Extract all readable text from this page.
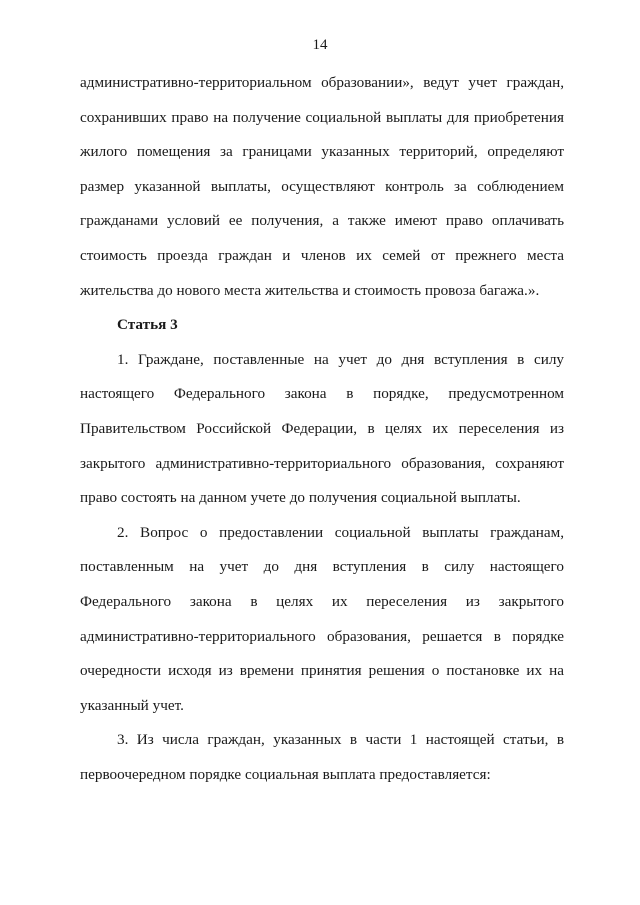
14

административно-территориальном образовании», ведут учет граждан, сохранивших право на получение социальной выплаты для приобретения жилого помещения за границами указанных территорий, определяют размер указанной выплаты, осуществляют контроль за соблюдением гражданами условий ее получения, а также имеют право оплачивать стоимость проезда граждан и членов их семей от прежнего места жительства до нового места жительства и стоимость провоза багажа.».

Статья 3

1. Граждане, поставленные на учет до дня вступления в силу настоящего Федерального закона в порядке, предусмотренном Правительством Российской Федерации, в целях их переселения из закрытого административно-территориального образования, сохраняют право состоять на данном учете до получения социальной выплаты.

2. Вопрос о предоставлении социальной выплаты гражданам, поставленным на учет до дня вступления в силу настоящего Федерального закона в целях их переселения из закрытого административно-территориального образования, решается в порядке очередности исходя из времени принятия решения о постановке их на указанный учет.

3. Из числа граждан, указанных в части 1 настоящей статьи, в первоочередном порядке социальная выплата предоставляется:
